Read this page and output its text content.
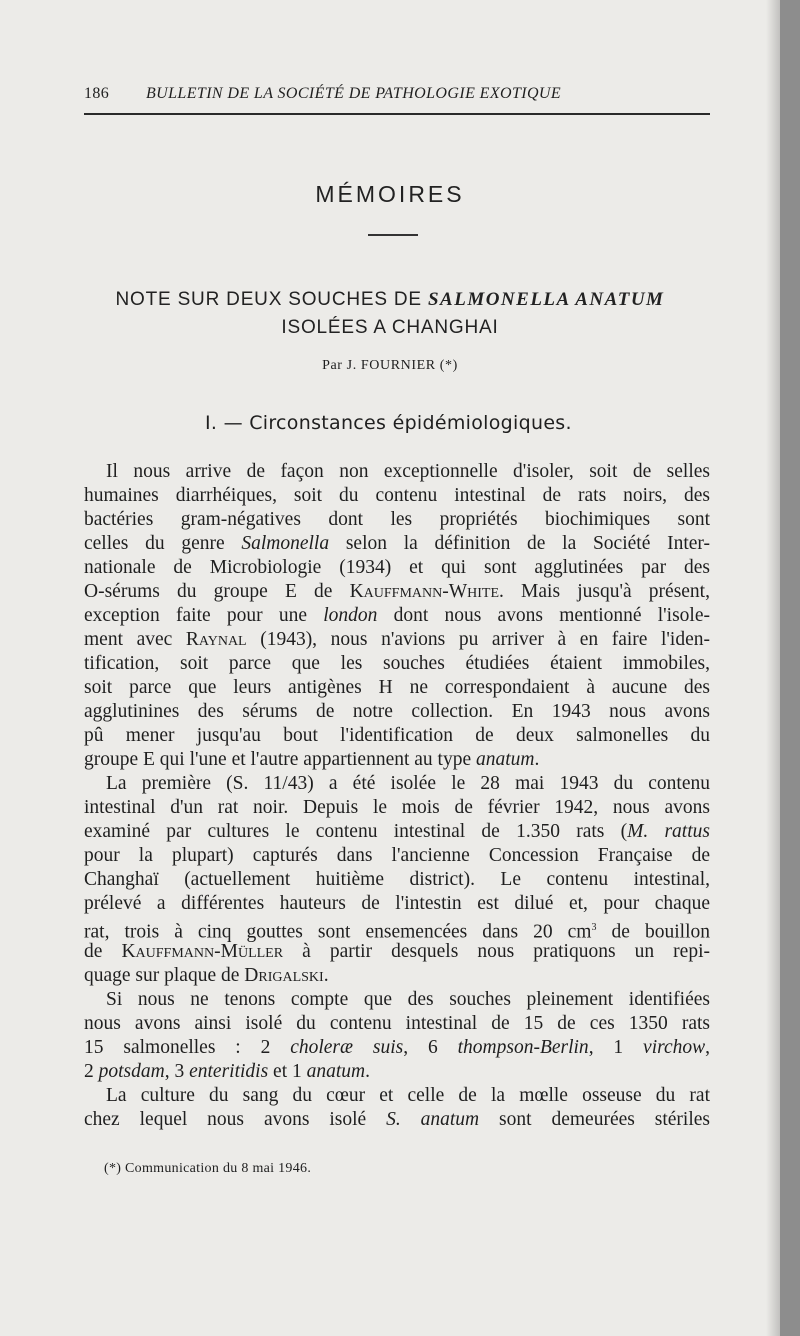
186 BULLETIN DE LA SOCIÉTÉ DE PATHOLOGIE EXOTIQUE
MÉMOIRES
NOTE SUR DEUX SOUCHES DE SALMONELLA ANATUM
ISOLÉES A CHANGHAI
Par J. FOURNIER (*)
I. — Circonstances épidémiologiques.
Il nous arrive de façon non exceptionnelle d'isoler, soit de selles
humaines diarrhéiques, soit du contenu intestinal de rats noirs, des
bactéries gram-négatives dont les propriétés biochimiques sont
celles du genre Salmonella selon la définition de la Société Inter-
nationale de Microbiologie (1934) et qui sont agglutinées par des
O-sérums du groupe E de Kauffmann-White. Mais jusqu'à présent,
exception faite pour une london dont nous avons mentionné l'isole-
ment avec Raynal (1943), nous n'avions pu arriver à en faire l'iden-
tification, soit parce que les souches étudiées étaient immobiles,
soit parce que leurs antigènes H ne correspondaient à aucune des
agglutinines des sérums de notre collection. En 1943 nous avons
pû mener jusqu'au bout l'identification de deux salmonelles du
groupe E qui l'une et l'autre appartiennent au type anatum.
La première (S. 11/43) a été isolée le 28 mai 1943 du contenu
intestinal d'un rat noir. Depuis le mois de février 1942, nous avons
examiné par cultures le contenu intestinal de 1.350 rats (M. rattus
pour la plupart) capturés dans l'ancienne Concession Française de
Changhaï (actuellement huitième district). Le contenu intestinal,
prélevé a différentes hauteurs de l'intestin est dilué et, pour chaque
rat, trois à cinq gouttes sont ensemencées dans 20 $cm^3$ de bouillon
de Kauffmann-Müller à partir desquels nous pratiquons un repi-
quage sur plaque de Drigalski.
Si nous ne tenons compte que des souches pleinement identifiées
nous avons ainsi isolé du contenu intestinal de 15 de ces 1350 rats
15 salmonelles : 2 choleræ suis, 6 thompson-Berlin, 1 virchow,
2 potsdam, 3 enteritidis et 1 anatum.
La culture du sang du cœur et celle de la mœlle osseuse du rat
chez lequel nous avons isolé S. anatum sont demeurées stériles
(*) Communication du 8 mai 1946.
